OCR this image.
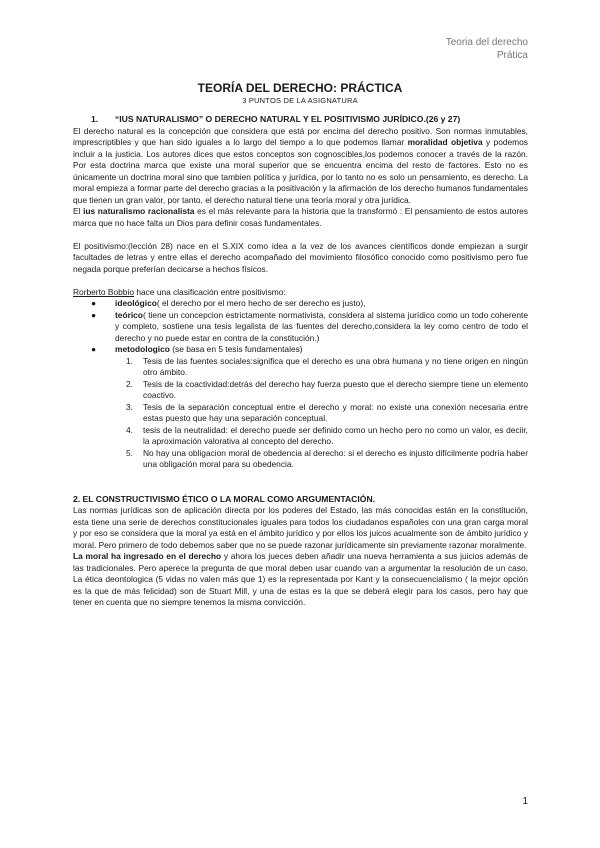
Teoria del derecho
Prática
TEORÍA DEL DERECHO: PRÁCTICA
3 PUNTOS DE LA ASIGNATURA

1. “IUS NATURALISMO” O DERECHO NATURAL Y EL POSITIVISMO JURÍDICO.(26 y 27)

El derecho natural es la concepción que considera que está por encima del derecho positivo. Son normas inmutables, imprescriptibles y que han sido iguales a lo largo del tiempo a lo que podemos llamar moralidad objetiva y podemos incluir a la justicia. Los autores dices que estos conceptos son cognoscibles,los podemos conocer a través de la razón. Por esta doctrina marca que existe una moral superior que se encuentra encima del resto de factores. Esto no es únicamente un doctrina moral sino que tambien política y jurídica, por lo tanto no es solo un pensamiento, es derecho. La moral empieza a formar parte del derecho gracias a la positivación y la afirmación de los derecho humanos fundamentales que tienen un gran valor, por tanto, el derecho natural tiene una teoría moral y otra jurídica.

El ius naturalismo racionalista es el más relevante para la historia que la transformó : El pensamiento de estos autores marca que no hace falta un Dios para definir cosas fundamentales.

El positivismo:(lección 28) nace en el S.XIX como idea a la vez de los avances científicos donde empiezan a surgir facultades de letras y entre ellas el derecho acompañado del movimiento filosófico conocido como positivismo pero fue negada porque preferían decicarse a hechos físicos.

Rorberto Bobbio hace una clasificación entre positivismo:

● ideológico( el derecho por el mero hecho de ser derecho es justo),
● teórico( tiene un concepcion estrictamente normativista, considera al sistema jurídico como un todo coherente y completo, sostiene una tesis legalista de las fuentes del derecho,considera la ley como centro de todo el derecho y no puede estar en contra de la constitución.)
● metodologico (se basa en 5 tesis fundamentales)
1. Tesis de las fuentes sociales:significa que el derecho es una obra humana y no tiene origen en ningún otro ámbito.
2. Tesis de la coactividad:detrás del derecho hay fuerza puesto que el derecho siempre tiene un elemento coactivo.
3. Tesis de la separación conceptual entre el derecho y moral: no existe una conexión necesaria entre estas puesto que hay una separación conceptual.
4. tesis de la neutralidad: el derecho puede ser definido como un hecho pero no como un valor, es deciir, la aproximación valorativa al concepto del derecho.
5. No hay una obligacion moral de obedencia al derecho: si el derecho es injusto difícilmente podría haber una obligación moral para su obedencia.

2. EL CONSTRUCTIVISMO ÉTICO O LA MORAL COMO ARGUMENTACIÓN.

Las normas jurídicas son de aplicación directa por los poderes del Estado, las más conocidas están en la constitución, esta tiene una serie de derechos constitucionales iguales para todos los ciudadanos españoles con una gran carga moral y por eso se considera que la moral ya está en el ámbito jurídico y por ellos los juicos acualmente son de ámbito jurídico y moral. Pero primero de todo debemos saber que no se puede razonar jurídicamente sin previamente razonar moralmente.

La moral ha ingresado en el derecho y ahora los jueces deben añadir una nueva herramienta a sus juicios además de las tradicionales. Pero aperece la pregunta de que moral deben usar cuando van a argumentar la resolución de un caso. La ética deontologica (5 vidas no valen más que 1) es la representada por Kant y la consecuencialismo ( la mejor opción es la que de más felicidad) son de Stuart Mill, y una de estas es la que se deberá elegir para los casos, pero hay que tener en cuenta que no siempre tenemos la misma convicción.

1
